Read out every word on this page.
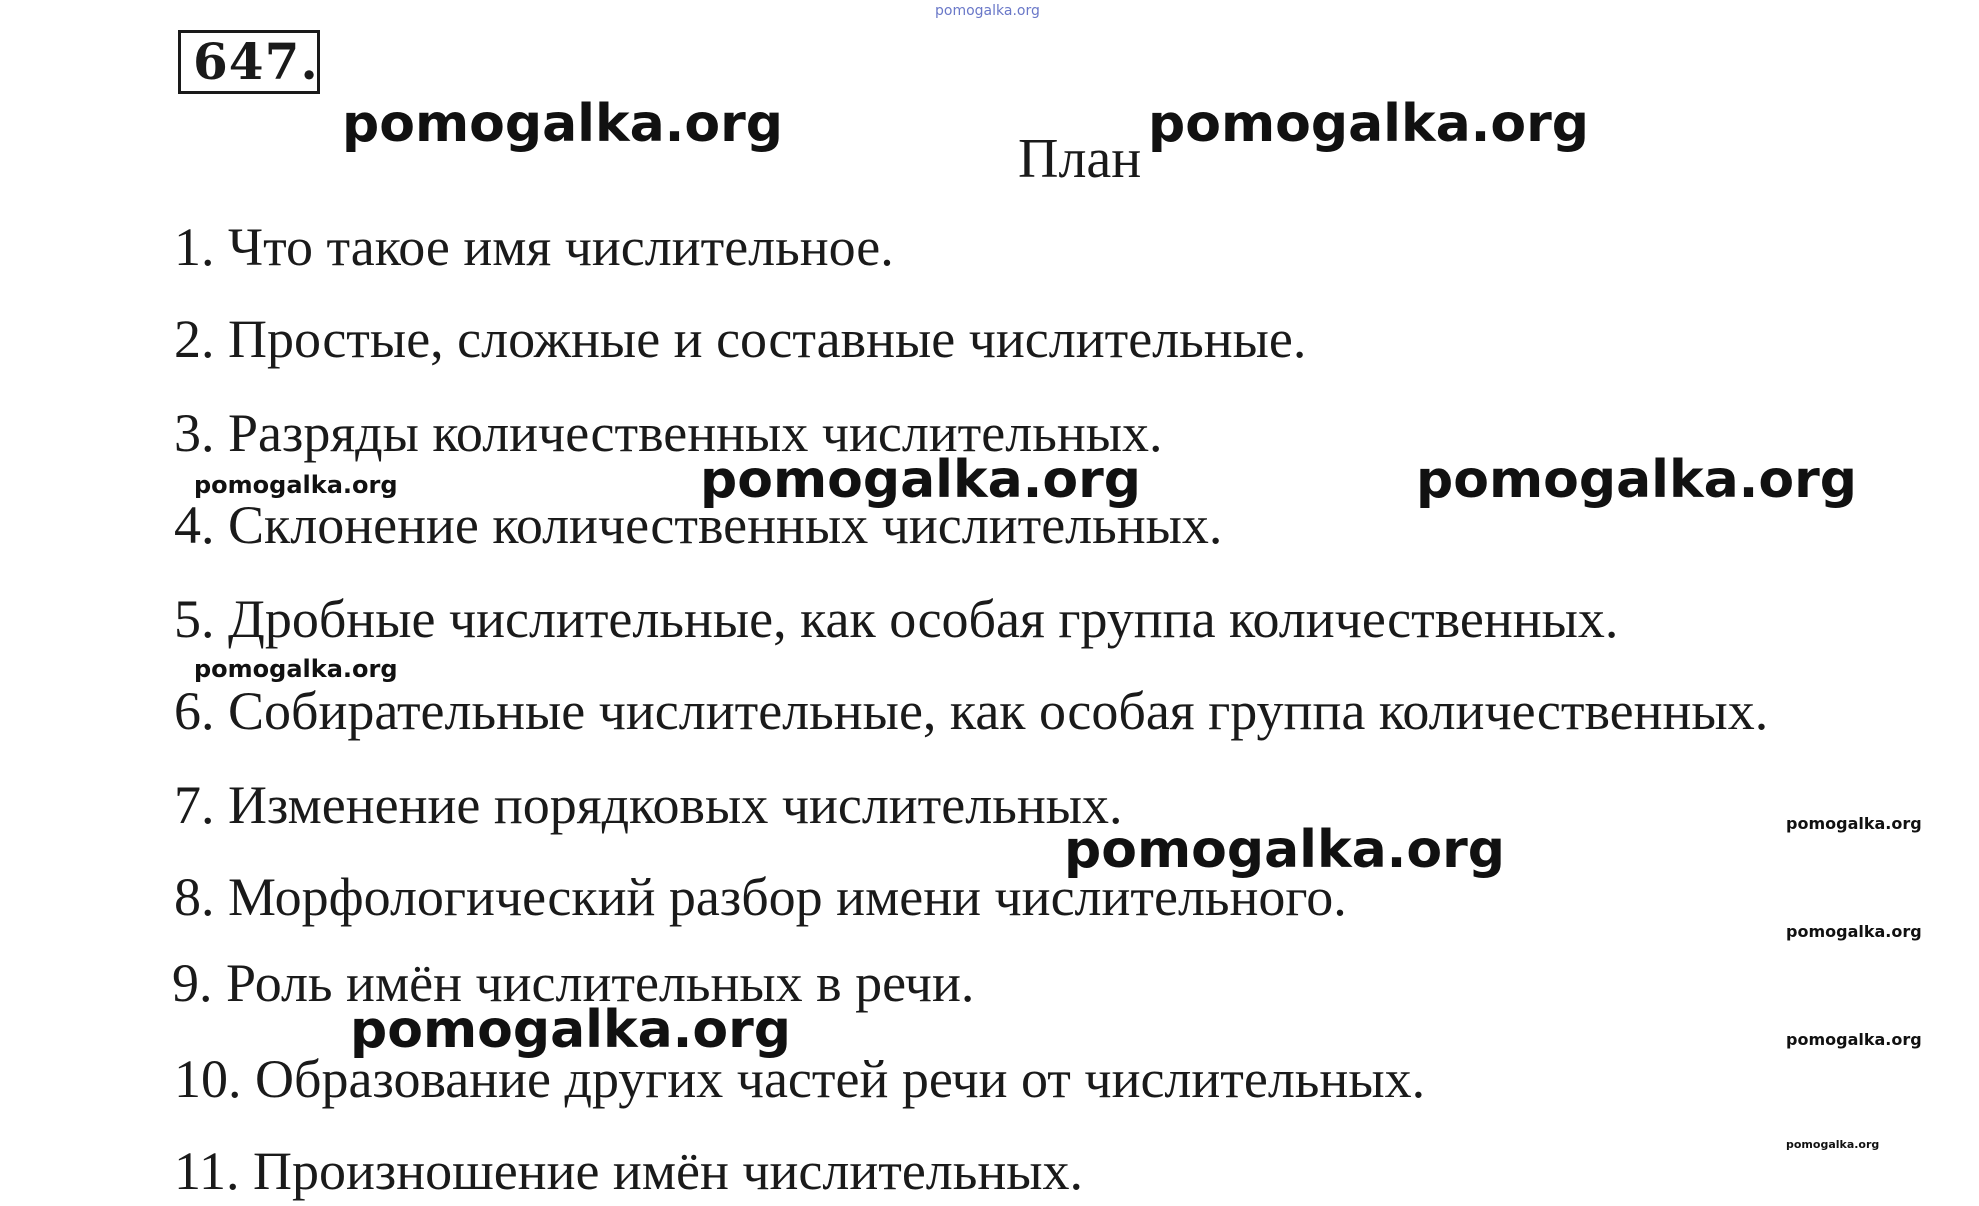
pomogalka.org
647.
pomogalka.org
План
pomogalka.org
1. Что такое имя числительное.
2. Простые, сложные и составные числительные.
3. Разряды количественных числительных.
4. Склонение количественных числительных.
5. Дробные числительные, как особая группа количественных.
6. Собирательные числительные, как особая группа количественных.
7. Изменение порядковых числительных.
8. Морфологический разбор имени числительного.
9. Роль имён числительных в речи.
10. Образование других частей речи от числительных.
11. Произношение имён числительных.
pomogalka.org	pomogalka.org	pomogalka.org
pomogalka.org
pomogalka.org
pomogalka.org
pomogalka.org
pomogalka.org	pomogalka.org
pomogalka.org
